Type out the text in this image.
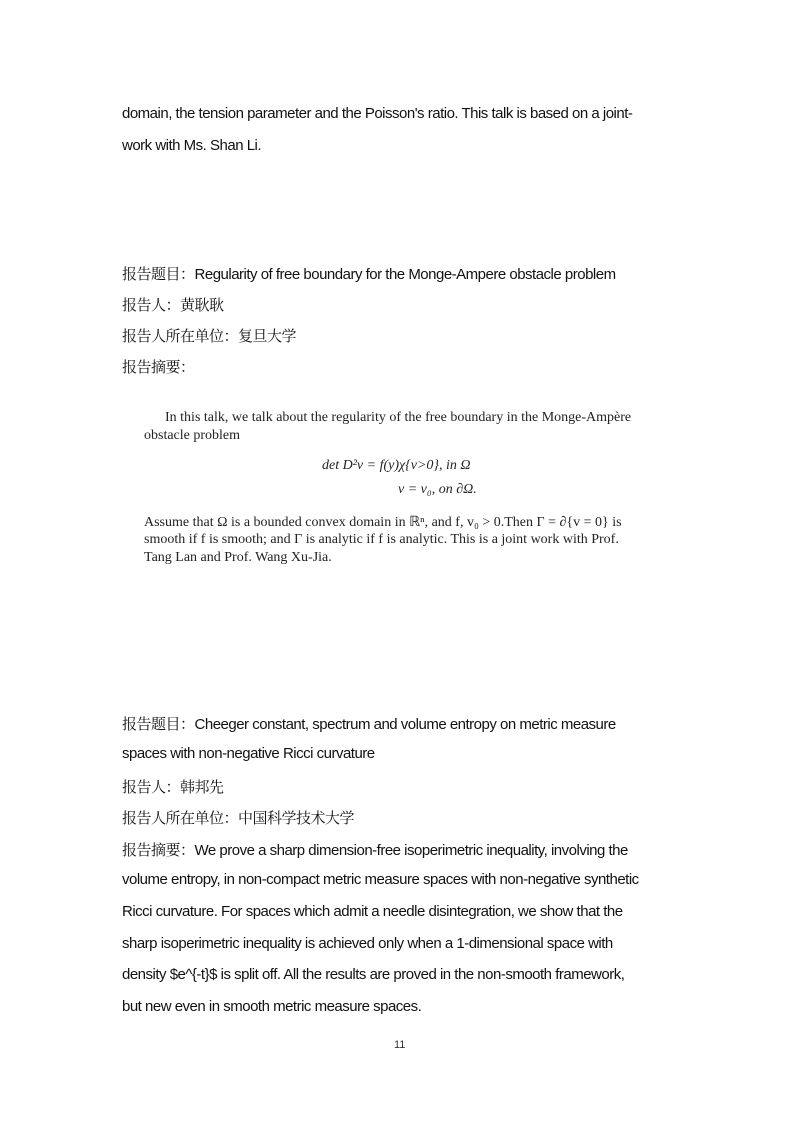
domain, the tension parameter and the Poisson's ratio. This talk is based on a joint-
work with Ms. Shan Li.
报告题目：Regularity of free boundary for the Monge-Ampere obstacle problem
报告人：黄耿耿
报告人所在单位：复旦大学
报告摘要：
In this talk, we talk about the regularity of the free boundary in the Monge-Ampère
obstacle problem
det D²v = f(y)χ{v>0}, in Ω
v = v₀, on ∂Ω.
Assume that Ω is a bounded convex domain in ℝⁿ, and f, v₀ > 0.Then Γ = ∂{v = 0} is
smooth if f is smooth; and Γ is analytic if f is analytic. This is a joint work with Prof.
Tang Lan and Prof. Wang Xu-Jia.
报告题目：Cheeger constant, spectrum and volume entropy on metric measure
spaces with non-negative Ricci curvature
报告人：韩邦先
报告人所在单位：中国科学技术大学
报告摘要：We prove a sharp dimension-free isoperimetric inequality, involving the
volume entropy, in non-compact metric measure spaces with non-negative synthetic
Ricci curvature. For spaces which admit a needle disintegration, we show that the
sharp isoperimetric inequality is achieved only when a 1-dimensional space with
density $e^{-t}$ is split off. All the results are proved in the non-smooth framework,
but new even in smooth metric measure spaces.
11
